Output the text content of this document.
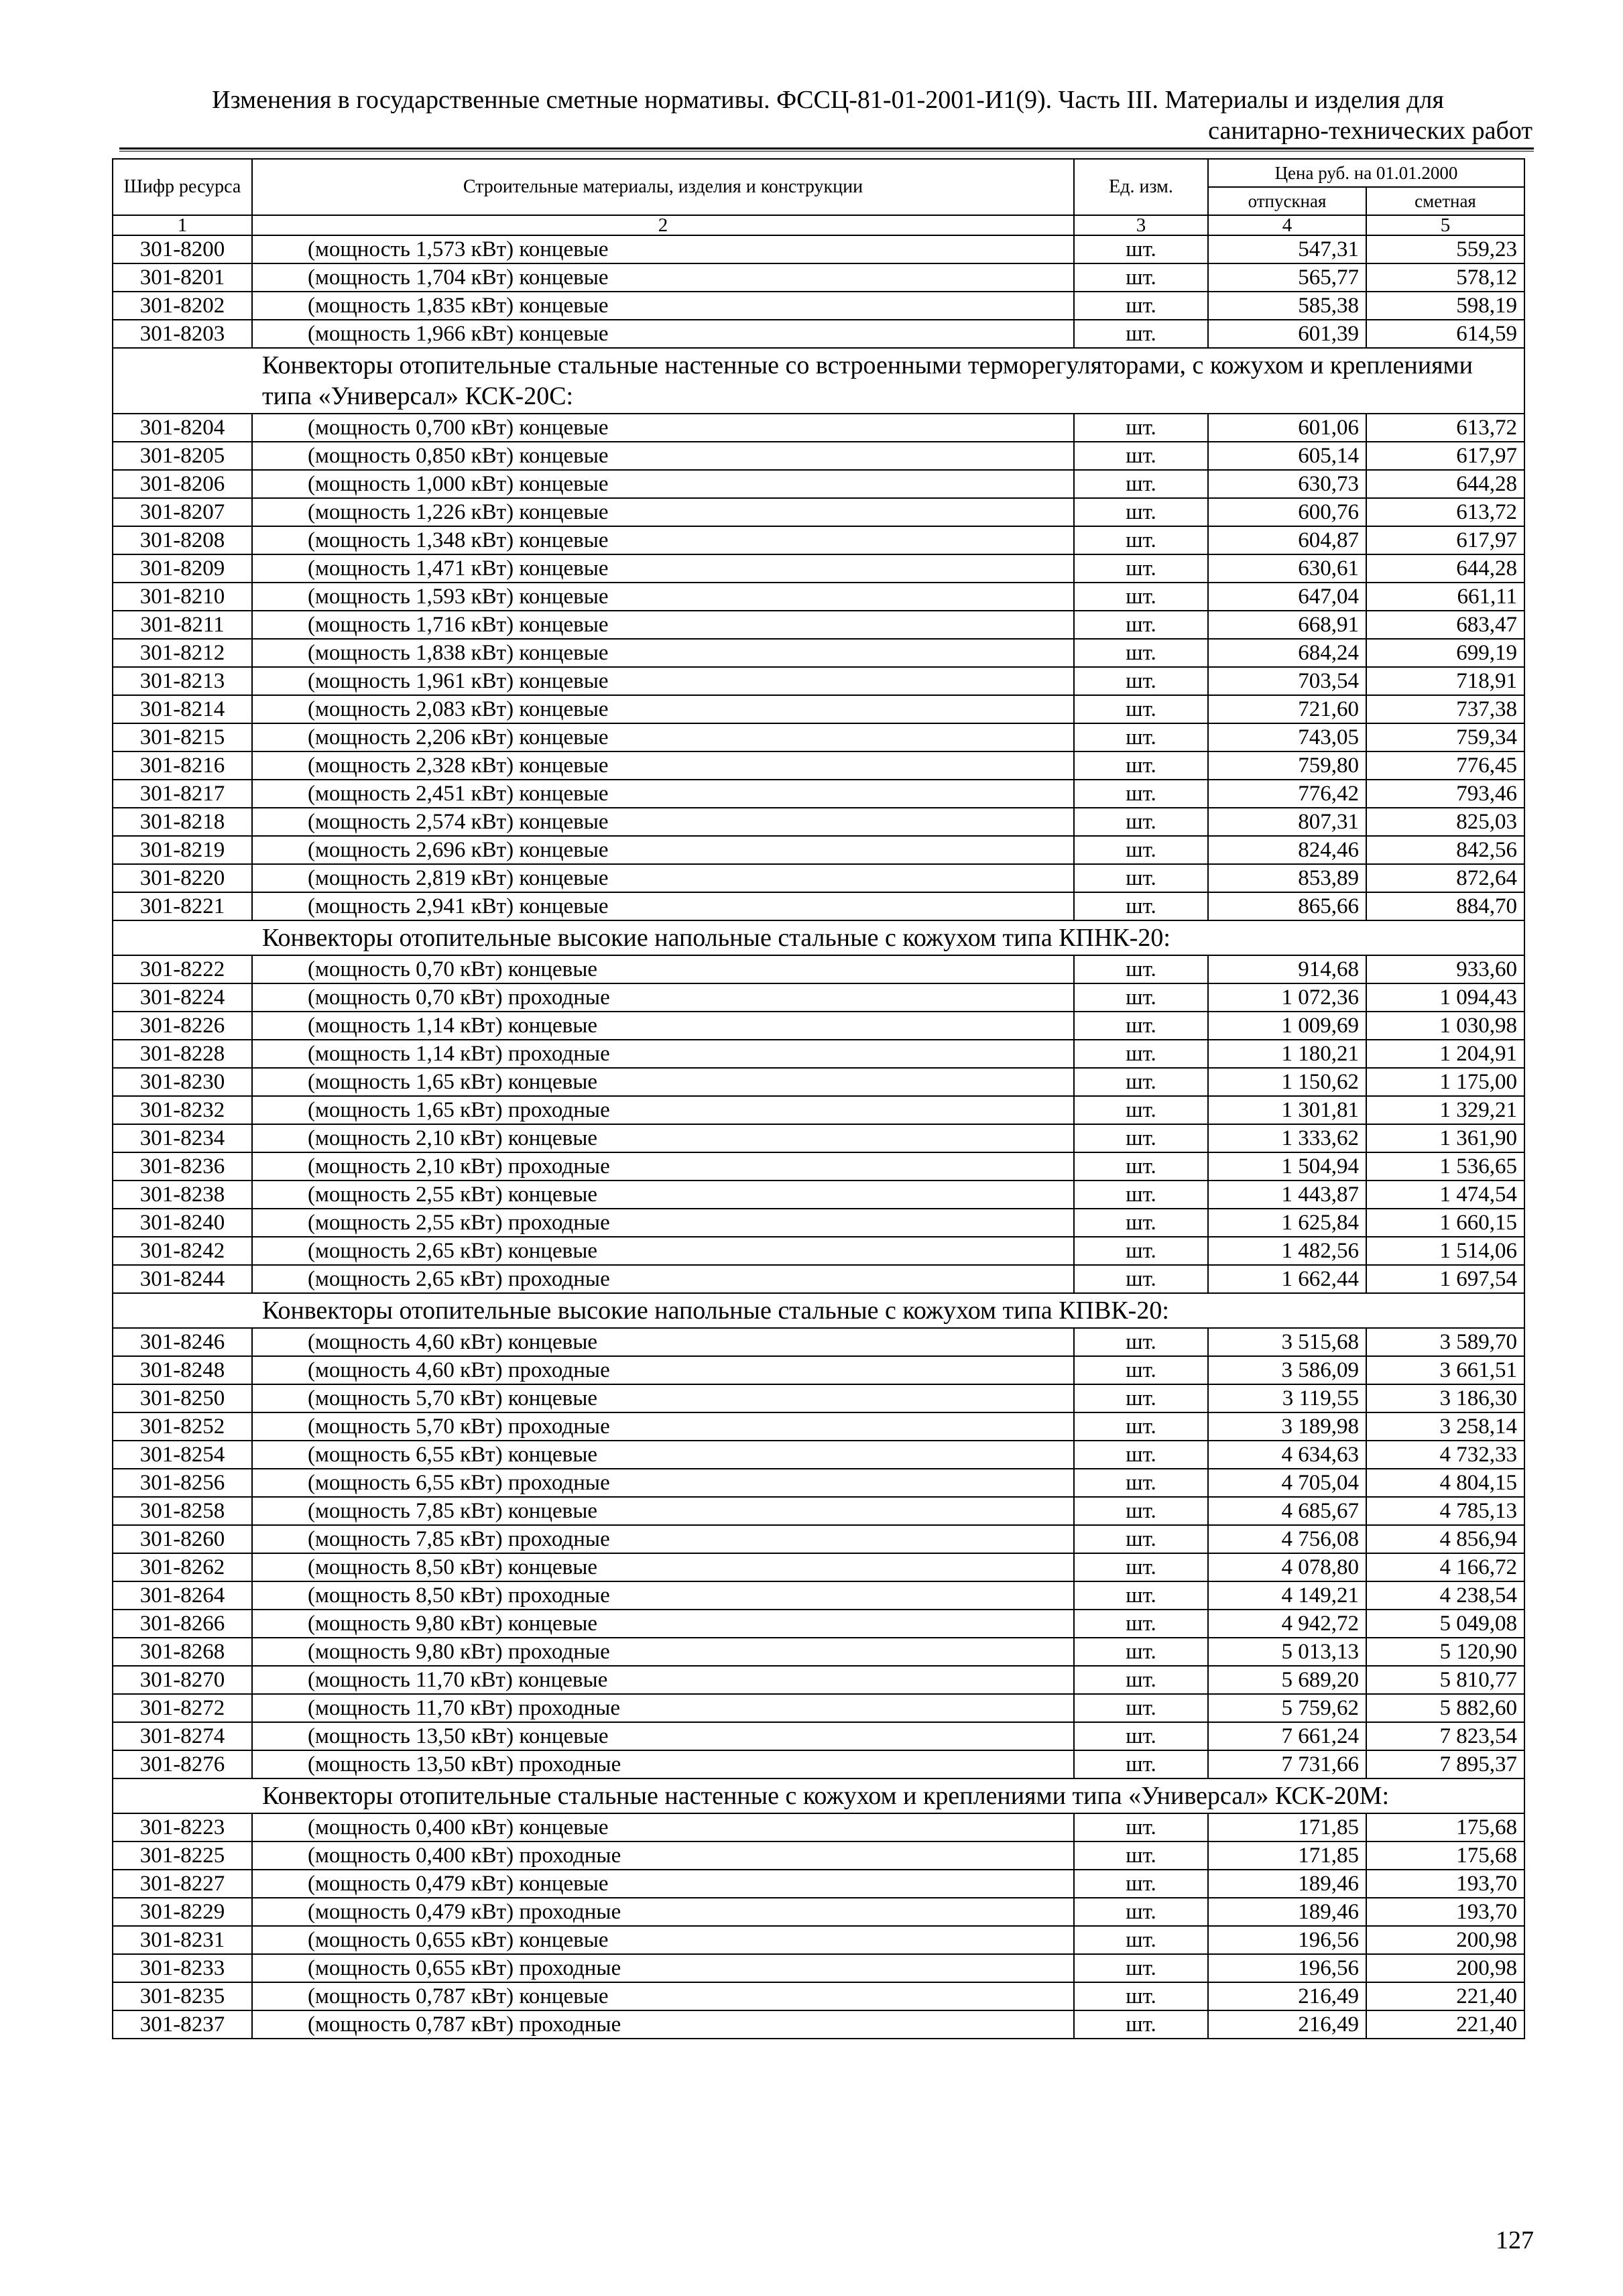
Изменения в государственные сметные нормативы. ФССЦ-81-01-2001-И1(9). Часть III. Материалы и изделия для
санитарно-технических работ
Шифр ресурса	Строительные материалы, изделия и конструкции	Ед. изм.	Цена руб. на 01.01.2000	
			отпускная	сметная
1	2	3	4	5
301-8200	(мощность 1,573 кВт) концевые	шт.	547,31	559,23
301-8201	(мощность 1,704 кВт) концевые	шт.	565,77	578,12
301-8202	(мощность 1,835 кВт) концевые	шт.	585,38	598,19
301-8203	(мощность 1,966 кВт) концевые	шт.	601,39	614,59
Конвекторы отопительные стальные настенные со встроенными терморегуляторами, с кожухом и креплениями типа «Универсал» КСК-20С:				
301-8204	(мощность 0,700 кВт) концевые	шт.	601,06	613,72
301-8205	(мощность 0,850 кВт) концевые	шт.	605,14	617,97
301-8206	(мощность 1,000 кВт) концевые	шт.	630,73	644,28
301-8207	(мощность 1,226 кВт) концевые	шт.	600,76	613,72
301-8208	(мощность 1,348 кВт) концевые	шт.	604,87	617,97
301-8209	(мощность 1,471 кВт) концевые	шт.	630,61	644,28
301-8210	(мощность 1,593 кВт) концевые	шт.	647,04	661,11
301-8211	(мощность 1,716 кВт) концевые	шт.	668,91	683,47
301-8212	(мощность 1,838 кВт) концевые	шт.	684,24	699,19
301-8213	(мощность 1,961 кВт) концевые	шт.	703,54	718,91
301-8214	(мощность 2,083 кВт) концевые	шт.	721,60	737,38
301-8215	(мощность 2,206 кВт) концевые	шт.	743,05	759,34
301-8216	(мощность 2,328 кВт) концевые	шт.	759,80	776,45
301-8217	(мощность 2,451 кВт) концевые	шт.	776,42	793,46
301-8218	(мощность 2,574 кВт) концевые	шт.	807,31	825,03
301-8219	(мощность 2,696 кВт) концевые	шт.	824,46	842,56
301-8220	(мощность 2,819 кВт) концевые	шт.	853,89	872,64
301-8221	(мощность 2,941 кВт) концевые	шт.	865,66	884,70
Конвекторы отопительные высокие напольные стальные с кожухом типа КПНК-20:				
301-8222	(мощность 0,70 кВт) концевые	шт.	914,68	933,60
301-8224	(мощность 0,70 кВт) проходные	шт.	1 072,36	1 094,43
301-8226	(мощность 1,14 кВт) концевые	шт.	1 009,69	1 030,98
301-8228	(мощность 1,14 кВт) проходные	шт.	1 180,21	1 204,91
301-8230	(мощность 1,65 кВт) концевые	шт.	1 150,62	1 175,00
301-8232	(мощность 1,65 кВт) проходные	шт.	1 301,81	1 329,21
301-8234	(мощность 2,10 кВт) концевые	шт.	1 333,62	1 361,90
301-8236	(мощность 2,10 кВт) проходные	шт.	1 504,94	1 536,65
301-8238	(мощность 2,55 кВт) концевые	шт.	1 443,87	1 474,54
301-8240	(мощность 2,55 кВт) проходные	шт.	1 625,84	1 660,15
301-8242	(мощность 2,65 кВт) концевые	шт.	1 482,56	1 514,06
301-8244	(мощность 2,65 кВт) проходные	шт.	1 662,44	1 697,54
Конвекторы отопительные высокие напольные стальные с кожухом типа КПВК-20:				
301-8246	(мощность 4,60 кВт) концевые	шт.	3 515,68	3 589,70
301-8248	(мощность 4,60 кВт) проходные	шт.	3 586,09	3 661,51
301-8250	(мощность 5,70 кВт) концевые	шт.	3 119,55	3 186,30
301-8252	(мощность 5,70 кВт) проходные	шт.	3 189,98	3 258,14
301-8254	(мощность 6,55 кВт) концевые	шт.	4 634,63	4 732,33
301-8256	(мощность 6,55 кВт) проходные	шт.	4 705,04	4 804,15
301-8258	(мощность 7,85 кВт) концевые	шт.	4 685,67	4 785,13
301-8260	(мощность 7,85 кВт) проходные	шт.	4 756,08	4 856,94
301-8262	(мощность 8,50 кВт) концевые	шт.	4 078,80	4 166,72
301-8264	(мощность 8,50 кВт) проходные	шт.	4 149,21	4 238,54
301-8266	(мощность 9,80 кВт) концевые	шт.	4 942,72	5 049,08
301-8268	(мощность 9,80 кВт) проходные	шт.	5 013,13	5 120,90
301-8270	(мощность 11,70 кВт) концевые	шт.	5 689,20	5 810,77
301-8272	(мощность 11,70 кВт) проходные	шт.	5 759,62	5 882,60
301-8274	(мощность 13,50 кВт) концевые	шт.	7 661,24	7 823,54
301-8276	(мощность 13,50 кВт) проходные	шт.	7 731,66	7 895,37
Конвекторы отопительные стальные настенные с кожухом и креплениями типа «Универсал» КСК-20М:				
301-8223	(мощность 0,400 кВт) концевые	шт.	171,85	175,68
301-8225	(мощность 0,400 кВт) проходные	шт.	171,85	175,68
301-8227	(мощность 0,479 кВт) концевые	шт.	189,46	193,70
301-8229	(мощность 0,479 кВт) проходные	шт.	189,46	193,70
301-8231	(мощность 0,655 кВт) концевые	шт.	196,56	200,98
301-8233	(мощность 0,655 кВт) проходные	шт.	196,56	200,98
301-8235	(мощность 0,787 кВт) концевые	шт.	216,49	221,40
301-8237	(мощность 0,787 кВт) проходные	шт.	216,49	221,40
127
